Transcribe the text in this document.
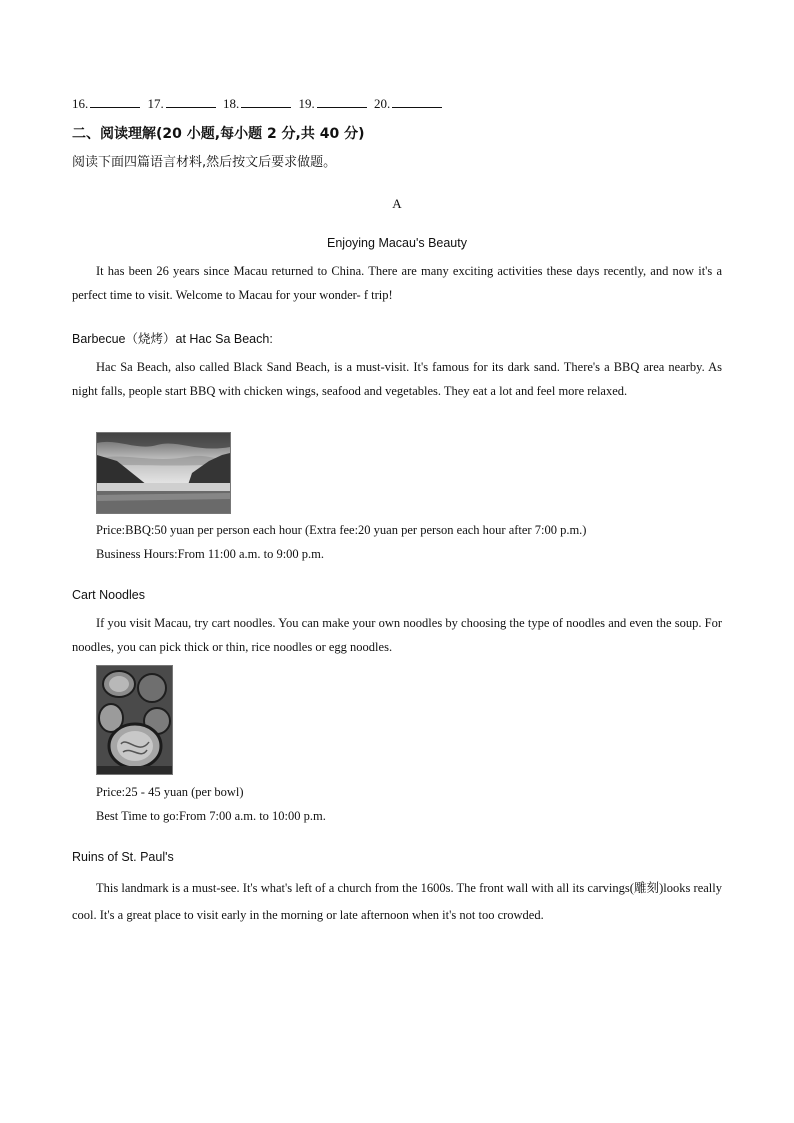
16.	17.	18.	19.	20.
二、阅读理解(20 小题,每小题 2 分,共 40 分)
阅读下面四篇语言材料,然后按文后要求做题。
A
Enjoying Macau's Beauty
It has been 26 years since Macau returned to China. There are many exciting activities these days recently, and now it's a perfect time to visit. Welcome to Macau for your wonder- f trip!
Barbecue（烧烤）at Hac Sa Beach:
Hac Sa Beach, also called Black Sand Beach, is a must-visit. It's famous for its dark sand. There's a BBQ area nearby. As night falls, people start BBQ with chicken wings, seafood and vegetables. They eat a lot and feel more relaxed.
Price:BBQ:50 yuan per person each hour (Extra fee:20 yuan per person each hour after 7:00 p.m.)
Business Hours:From 11:00 a.m. to 9:00 p.m.
Cart Noodles
If you visit Macau, try cart noodles. You can make your own noodles by choosing the type of noodles and even the soup. For noodles, you can pick thick or thin, rice noodles or egg noodles.
Price:25 - 45 yuan (per bowl)
Best Time to go:From 7:00 a.m. to 10:00 p.m.
Ruins of St. Paul's
This landmark is a must-see. It's what's left of a church from the 1600s. The front wall with all its carvings(雕刻)looks really cool. It's a great place to visit early in the morning or late afternoon when it's not too crowded.
